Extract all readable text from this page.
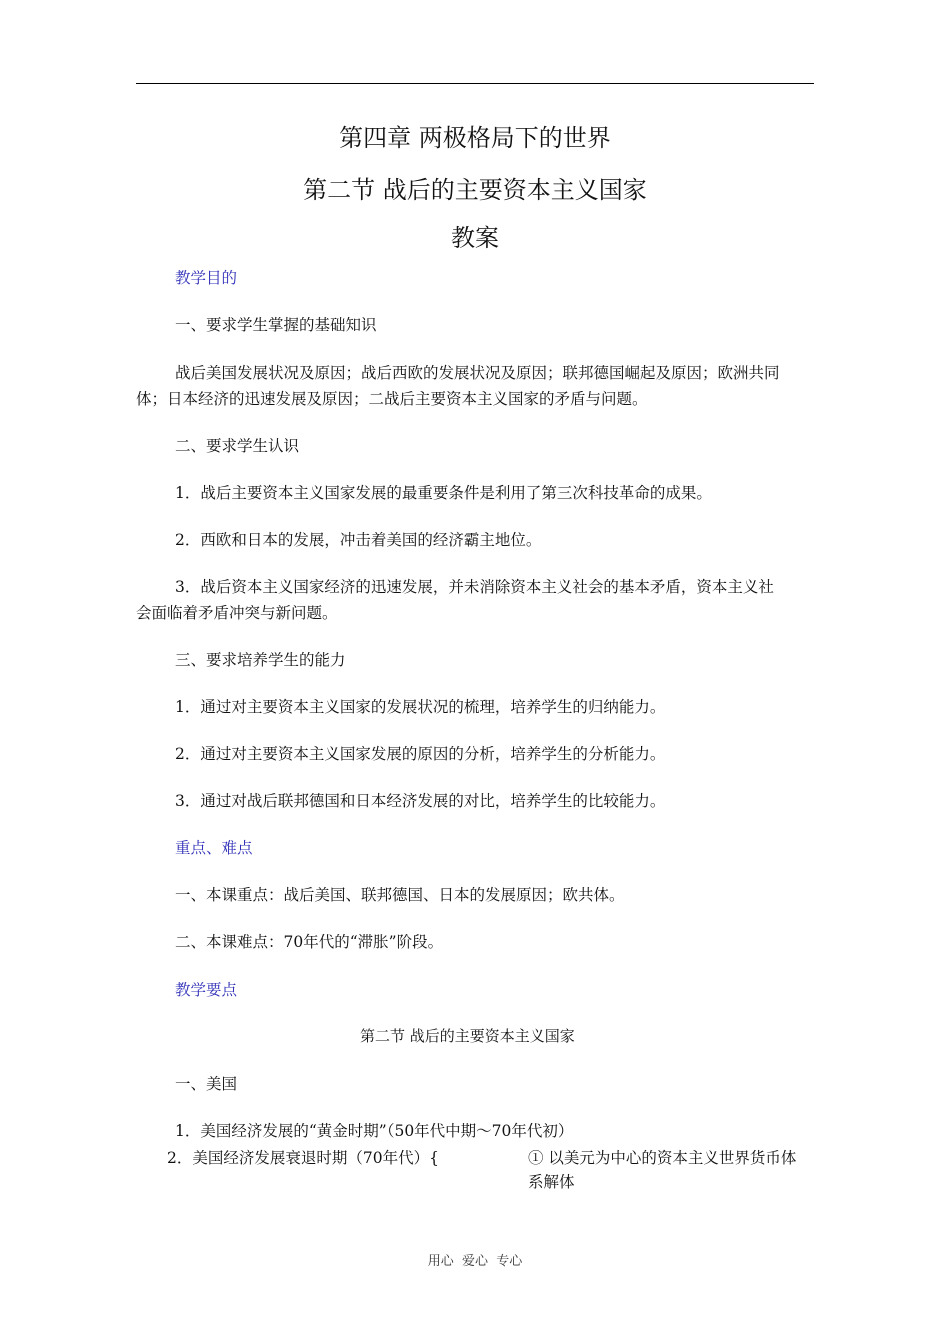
第四章 两极格局下的世界
第二节 战后的主要资本主义国家
教案
教学目的
一、要求学生掌握的基础知识
战后美国发展状况及原因；战后西欧的发展状况及原因；联邦德国崛起及原因；欧洲共同
体；日本经济的迅速发展及原因；二战后主要资本主义国家的矛盾与问题。
二、要求学生认识
1．战后主要资本主义国家发展的最重要条件是利用了第三次科技革命的成果。
2．西欧和日本的发展，冲击着美国的经济霸主地位。
3．战后资本主义国家经济的迅速发展，并未消除资本主义社会的基本矛盾，资本主义社
会面临着矛盾冲突与新问题。
三、要求培养学生的能力
1．通过对主要资本主义国家的发展状况的梳理，培养学生的归纳能力。
2．通过对主要资本主义国家发展的原因的分析，培养学生的分析能力。
3．通过对战后联邦德国和日本经济发展的对比，培养学生的比较能力。
重点、难点
一、本课重点：战后美国、联邦德国、日本的发展原因；欧共体。
二、本课难点：70年代的“滞胀”阶段。
教学要点
第二节 战后的主要资本主义国家
一、美国
1．美国经济发展的“黄金时期”（50年代中期～70年代初）
2．美国经济发展衰退时期（70年代）{	① 以美元为中心的资本主义世界货币体
系解体
用心  爱心  专心
